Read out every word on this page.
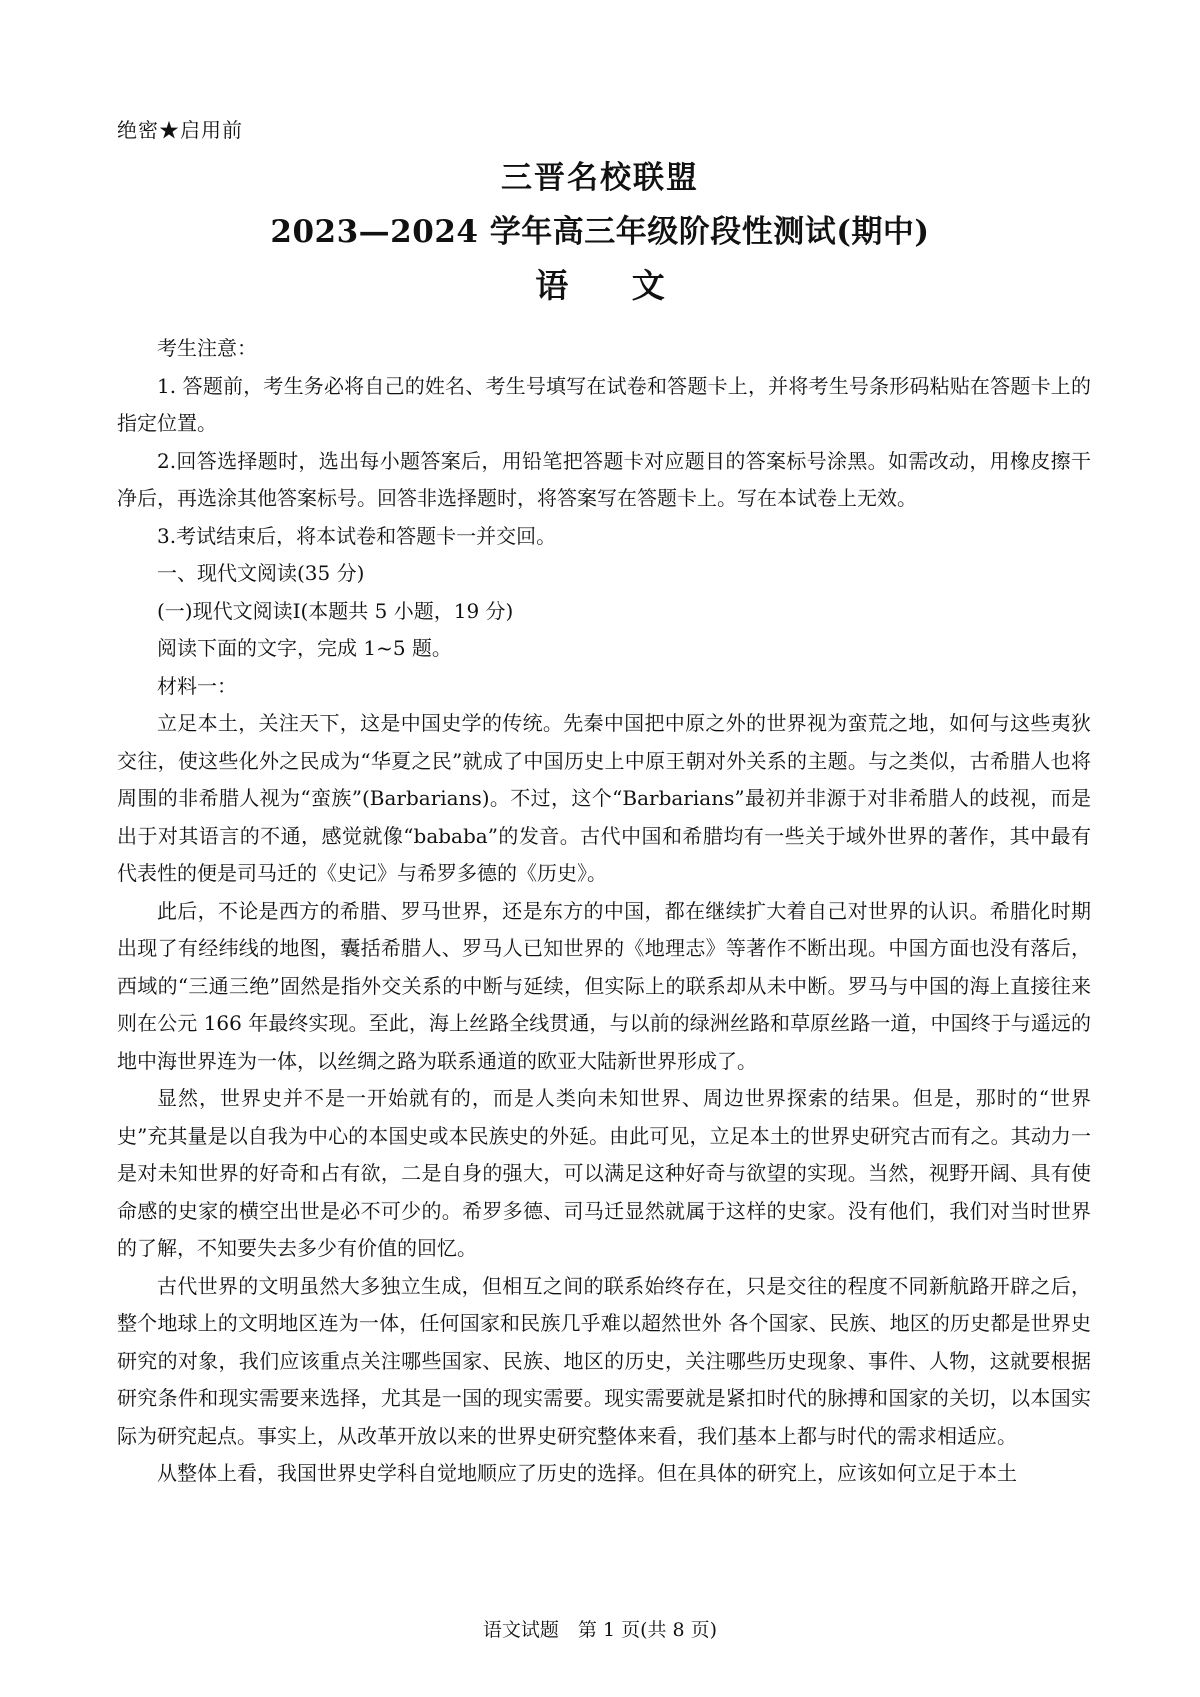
绝密★启用前
三晋名校联盟
2023—2024 学年高三年级阶段性测试(期中)
语 文

考生注意：

1. 答题前，考生务必将自己的姓名、考生号填写在试卷和答题卡上，并将考生号条形码粘贴在答题卡上的指定位置。

2.回答选择题时，选出每小题答案后，用铅笔把答题卡对应题目的答案标号涂黑。如需改动，用橡皮擦干净后，再选涂其他答案标号。回答非选择题时，将答案写在答题卡上。写在本试卷上无效。

3.考试结束后，将本试卷和答题卡一并交回。

一、现代文阅读(35 分)

(一)现代文阅读Ⅰ(本题共 5 小题，19 分)

阅读下面的文字，完成 1~5 题。

材料一：

立足本土，关注天下，这是中国史学的传统。先秦中国把中原之外的世界视为蛮荒之地，如何与这些夷狄交往，使这些化外之民成为“华夏之民”就成了中国历史上中原王朝对外关系的主题。与之类似，古希腊人也将周围的非希腊人视为“蛮族”(Barbarians)。不过，这个“Barbarians”最初并非源于对非希腊人的歧视，而是出于对其语言的不通，感觉就像“bababa”的发音。古代中国和希腊均有一些关于域外世界的著作，其中最有代表性的便是司马迁的《史记》与希罗多德的《历史》。

此后，不论是西方的希腊、罗马世界，还是东方的中国，都在继续扩大着自己对世界的认识。希腊化时期出现了有经纬线的地图，囊括希腊人、罗马人已知世界的《地理志》等著作不断出现。中国方面也没有落后，西域的“三通三绝”固然是指外交关系的中断与延续，但实际上的联系却从未中断。罗马与中国的海上直接往来则在公元 166 年最终实现。至此，海上丝路全线贯通，与以前的绿洲丝路和草原丝路一道，中国终于与遥远的地中海世界连为一体，以丝绸之路为联系通道的欧亚大陆新世界形成了。

显然，世界史并不是一开始就有的，而是人类向未知世界、周边世界探索的结果。但是，那时的“世界史”充其量是以自我为中心的本国史或本民族史的外延。由此可见，立足本土的世界史研究古而有之。其动力一是对未知世界的好奇和占有欲，二是自身的强大，可以满足这种好奇与欲望的实现。当然，视野开阔、具有使命感的史家的横空出世是必不可少的。希罗多德、司马迁显然就属于这样的史家。没有他们，我们对当时世界的了解，不知要失去多少有价值的回忆。

古代世界的文明虽然大多独立生成，但相互之间的联系始终存在，只是交往的程度不同新航路开辟之后，整个地球上的文明地区连为一体，任何国家和民族几乎难以超然世外 各个国家、民族、地区的历史都是世界史研究的对象，我们应该重点关注哪些国家、民族、地区的历史，关注哪些历史现象、事件、人物，这就要根据研究条件和现实需要来选择，尤其是一国的现实需要。现实需要就是紧扣时代的脉搏和国家的关切，以本国实际为研究起点。事实上，从改革开放以来的世界史研究整体来看，我们基本上都与时代的需求相适应。

从整体上看，我国世界史学科自觉地顺应了历史的选择。但在具体的研究上，应该如何立足于本土

语文试题　第 1 页(共 8 页)
